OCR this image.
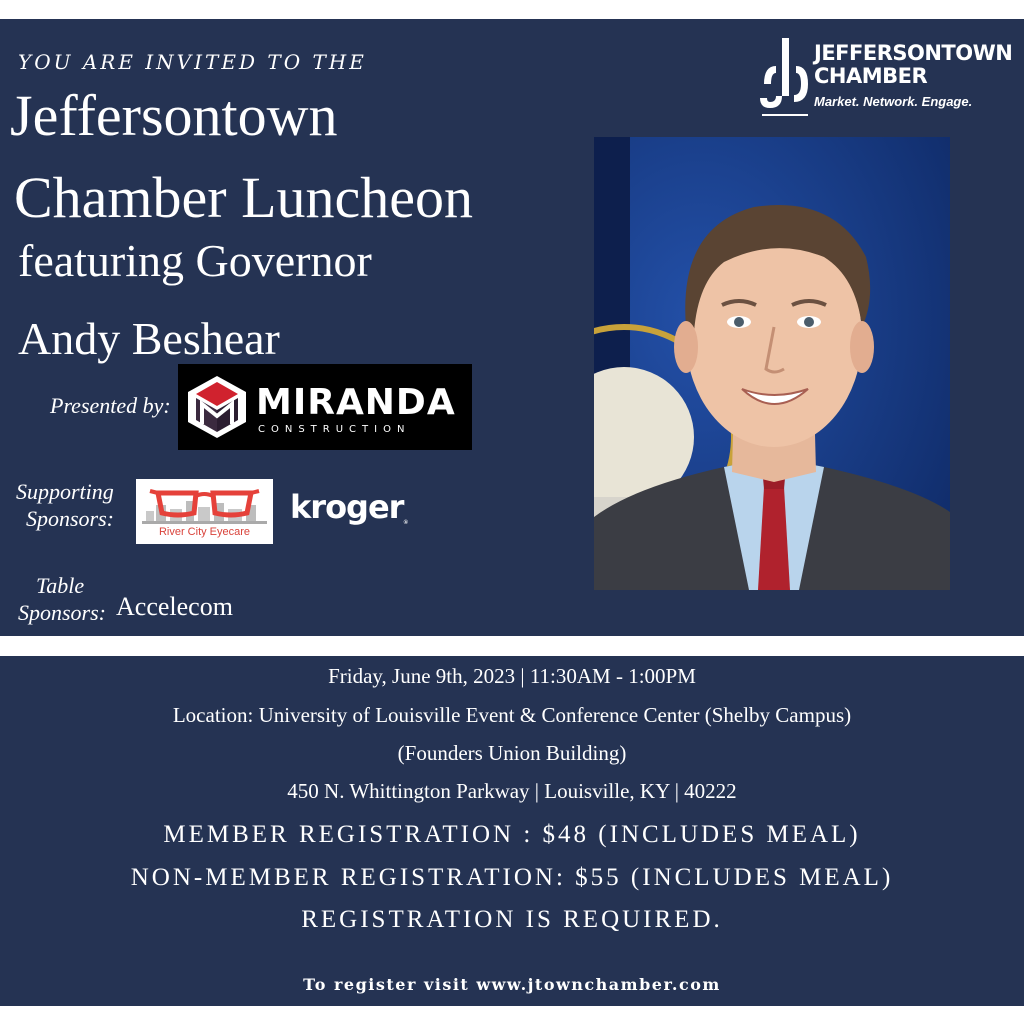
YOU ARE INVITED TO THE
Jeffersontown
Chamber Luncheon
featuring Governor
Andy Beshear
JEFFERSONTOWN
CHAMBER
Market. Network. Engage.
Presented by: MIRANDA
CONSTRUCTION
Supporting
Sponsors:
River City Eyecare
kroger®
Table
Sponsors: Accelecom
Friday, June 9th, 2023 | 11:30AM - 1:00PM
Location: University of Louisville Event & Conference Center (Shelby Campus)
(Founders Union Building)
450 N. Whittington Parkway | Louisville, KY | 40222
MEMBER REGISTRATION : $48 (INCLUDES MEAL)
NON-MEMBER REGISTRATION: $55 (INCLUDES MEAL)
REGISTRATION IS REQUIRED.
To register visit www.jtownchamber.com
